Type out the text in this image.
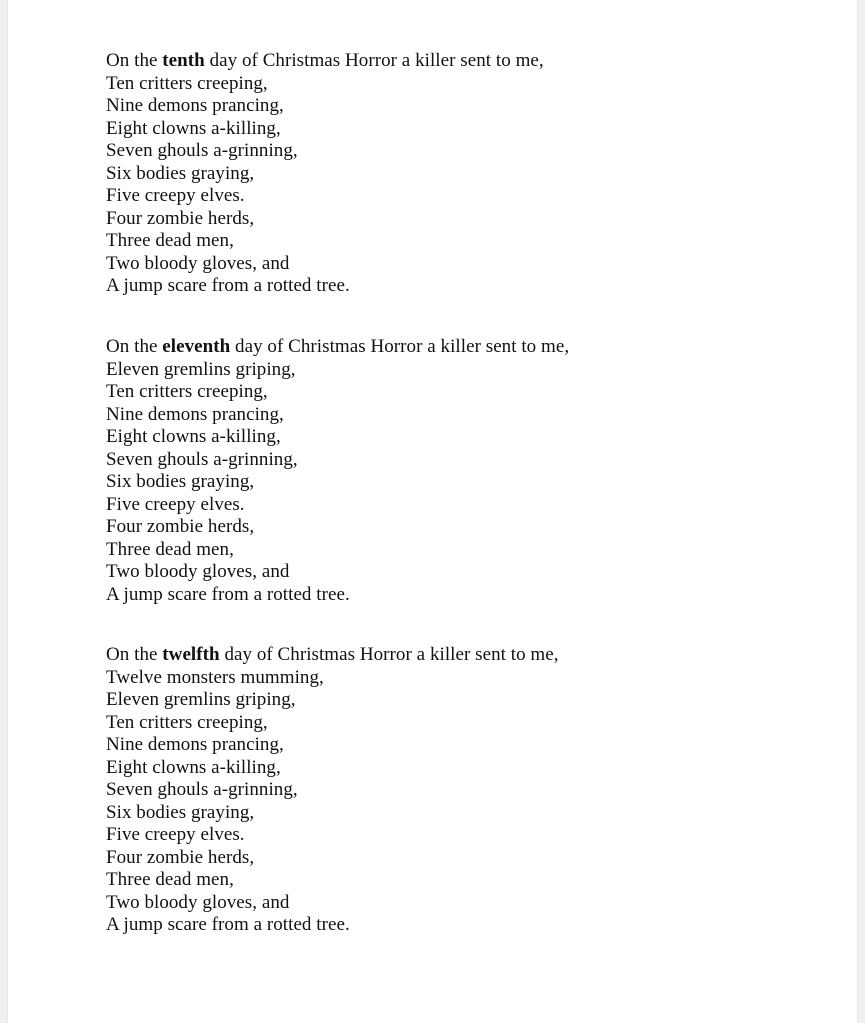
On the tenth day of Christmas Horror a killer sent to me,
Ten critters creeping,
Nine demons prancing,
Eight clowns a-killing,
Seven ghouls a-grinning,
Six bodies graying,
Five creepy elves.
Four zombie herds,
Three dead men,
Two bloody gloves, and
A jump scare from a rotted tree.

On the eleventh day of Christmas Horror a killer sent to me,
Eleven gremlins griping,
Ten critters creeping,
Nine demons prancing,
Eight clowns a-killing,
Seven ghouls a-grinning,
Six bodies graying,
Five creepy elves.
Four zombie herds,
Three dead men,
Two bloody gloves, and
A jump scare from a rotted tree.

On the twelfth day of Christmas Horror a killer sent to me,
Twelve monsters mumming,
Eleven gremlins griping,
Ten critters creeping,
Nine demons prancing,
Eight clowns a-killing,
Seven ghouls a-grinning,
Six bodies graying,
Five creepy elves.
Four zombie herds,
Three dead men,
Two bloody gloves, and
A jump scare from a rotted tree.
